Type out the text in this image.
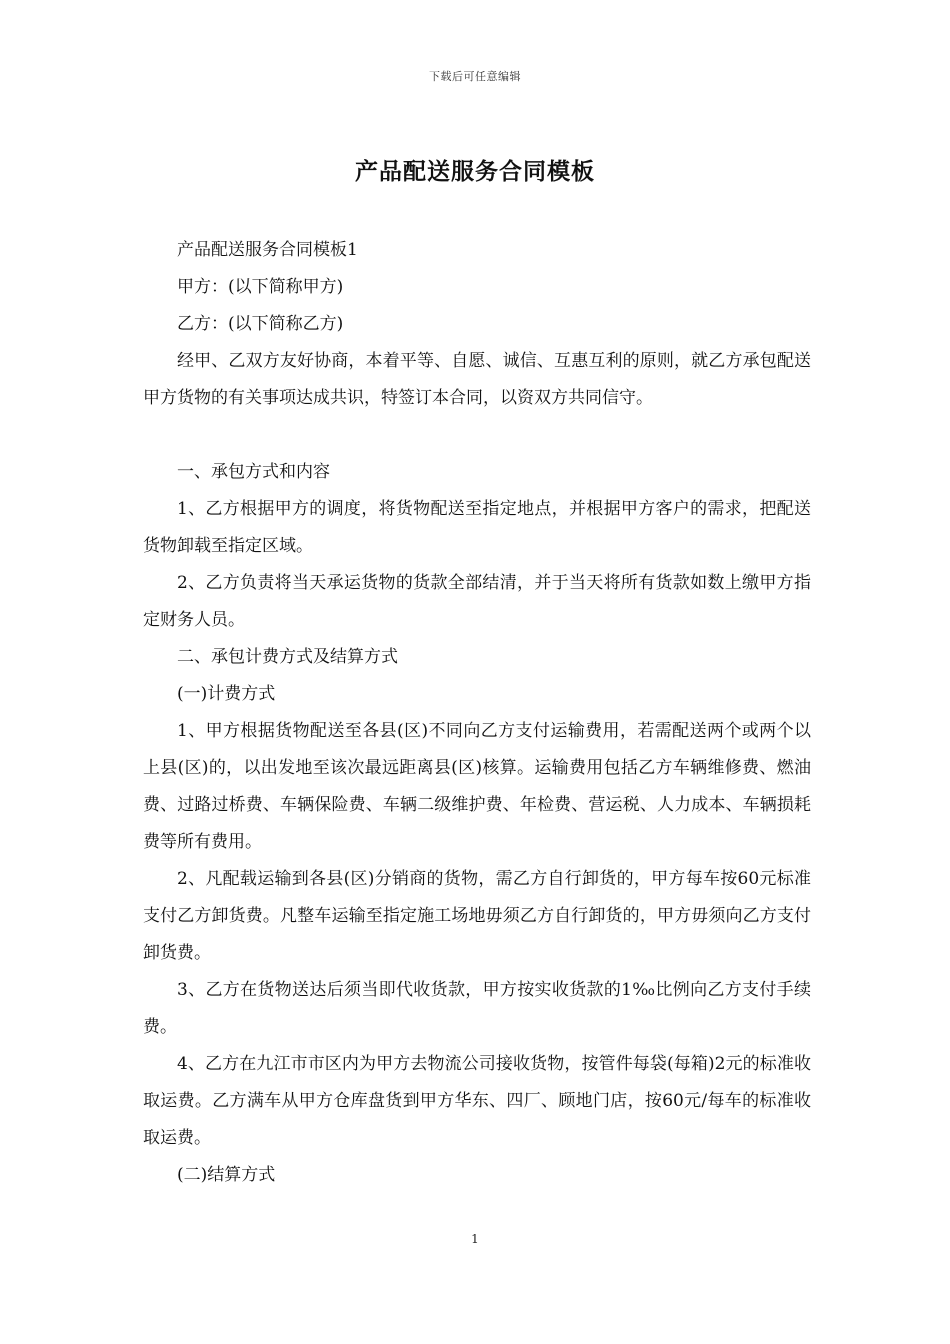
下载后可任意编辑
产品配送服务合同模板

产品配送服务合同模板1

甲方：(以下简称甲方)

乙方：(以下简称乙方)

经甲、乙双方友好协商，本着平等、自愿、诚信、互惠互利的原则，就乙方承包配送甲方货物的有关事项达成共识，特签订本合同，以资双方共同信守。

一、承包方式和内容

1、乙方根据甲方的调度，将货物配送至指定地点，并根据甲方客户的需求，把配送货物卸载至指定区域。

2、乙方负责将当天承运货物的货款全部结清，并于当天将所有货款如数上缴甲方指定财务人员。

二、承包计费方式及结算方式

(一)计费方式

1、甲方根据货物配送至各县(区)不同向乙方支付运输费用，若需配送两个或两个以上县(区)的，以出发地至该次最远距离县(区)核算。运输费用包括乙方车辆维修费、燃油费、过路过桥费、车辆保险费、车辆二级维护费、年检费、营运税、人力成本、车辆损耗费等所有费用。

2、凡配载运输到各县(区)分销商的货物，需乙方自行卸货的，甲方每车按60元标准支付乙方卸货费。凡整车运输至指定施工场地毋须乙方自行卸货的，甲方毋须向乙方支付卸货费。

3、乙方在货物送达后须当即代收货款，甲方按实收货款的1‰比例向乙方支付手续费。

4、乙方在九江市市区内为甲方去物流公司接收货物，按管件每袋(每箱)2元的标准收取运费。乙方满车从甲方仓库盘货到甲方华东、四厂、顾地门店，按60元/每车的标准收取运费。

(二)结算方式

1
